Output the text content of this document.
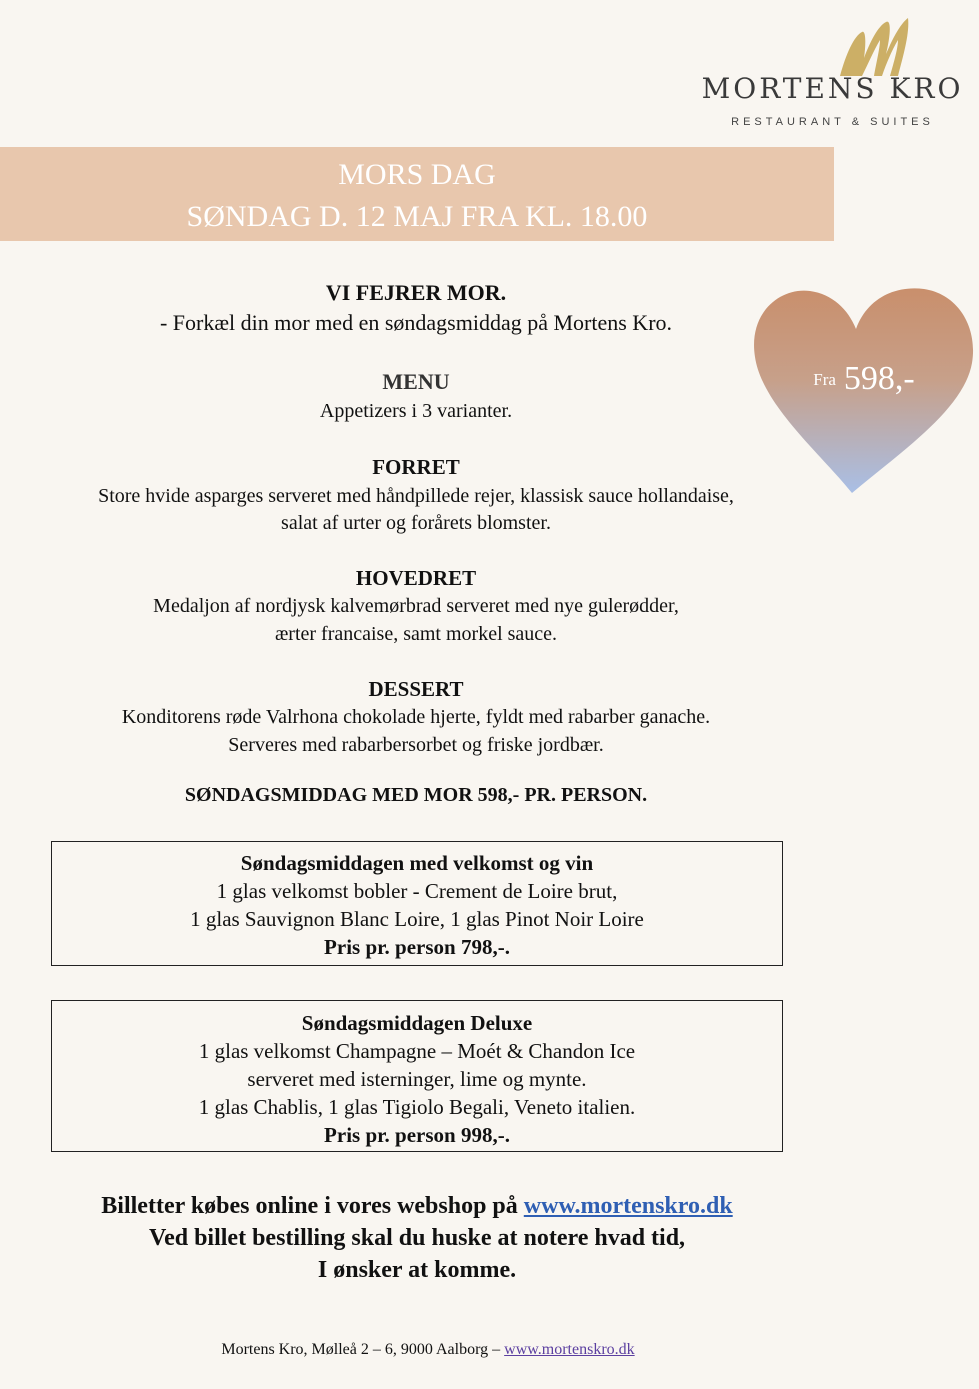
MORTENS KRO
RESTAURANT & SUITES
MORS DAG
SØNDAG D. 12 MAJ FRA KL. 18.00
Fra 598,-
VI FEJRER MOR.
- Forkæl din mor med en søndagsmiddag på Mortens Kro.
MENU
Appetizers i 3 varianter.
FORRET
Store hvide asparges serveret med håndpillede rejer, klassisk sauce hollandaise,
salat af urter og forårets blomster.
HOVEDRET
Medaljon af nordjysk kalvemørbrad serveret med nye gulerødder,
ærter francaise, samt morkel sauce.
DESSERT
Konditorens røde Valrhona chokolade hjerte, fyldt med rabarber ganache.
Serveres med rabarbersorbet og friske jordbær.
SØNDAGSMIDDAG MED MOR 598,- PR. PERSON.
Søndagsmiddagen med velkomst og vin
1 glas velkomst bobler - Crement de Loire brut,
1 glas Sauvignon Blanc Loire, 1 glas Pinot Noir Loire
Pris pr. person 798,-.
Søndagsmiddagen Deluxe
1 glas velkomst Champagne – Moét & Chandon Ice
serveret med isterninger, lime og mynte.
1 glas Chablis, 1 glas Tigiolo Begali, Veneto italien.
Pris pr. person 998,-.
Billetter købes online i vores webshop på www.mortenskro.dk
Ved billet bestilling skal du huske at notere hvad tid,
I ønsker at komme.
Mortens Kro, Mølleå 2 – 6, 9000 Aalborg – www.mortenskro.dk
